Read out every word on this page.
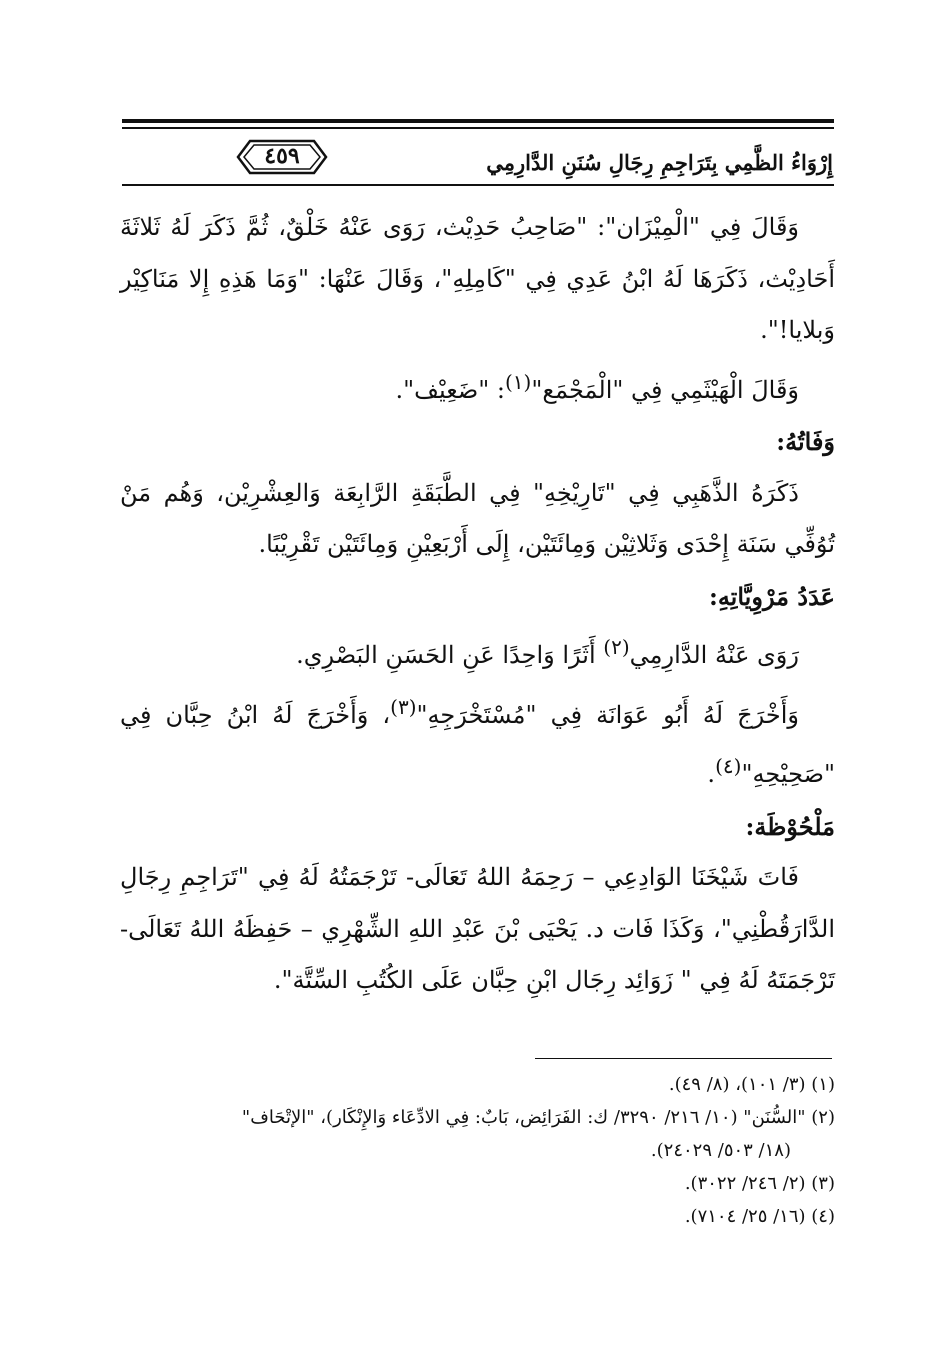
٤٥٩	إِرْوَاءُ الظَّمِي بِتَرَاجِمِ رِجَالِ سُنَنِ الدَّارِمِي

وَقَالَ فِي "الْمِيْزَان": "صَاحِبُ حَدِيْث، رَوَى عَنْهُ خَلْقٌ، ثُمَّ ذَكَرَ لَهُ ثَلاثَةَ أَحَادِيْث، ذَكَرَهَا لَهُ ابْنُ عَدِي فِي "كَامِلِهِ"، وَقَالَ عَنْهَا: "وَمَا هَذِهِ إِلا مَنَاكِيْر وَبلايا!".

وَقَالَ الْهَيْثَمِي فِي "الْمَجْمَع"$^{(١)}$: "ضَعِيْف".

وَفَاتُهُ:

ذَكَرَهُ الذَّهَبِي فِي "تَارِيْخِهِ" فِي الطَّبَقَةِ الرَّابِعَة وَالعِشْرِيْن، وَهُم مَنْ تُوُفِّي سَنَة إِحْدَى وَثَلاثِيْن وَمِائَتَيْن، إِلَى أَرْبَعِيْنِ وَمِائَتَيْن تَقْرِيْبًا.

عَدَدُ مَرْوِيَّاتِهِ:

رَوَى عَنْهُ الدَّارِمِي$^{(٢)}$ أَثَرًا وَاحِدًا عَنِ الحَسَنِ البَصْرِي.

وَأَخْرَجَ لَهُ أَبُو عَوَانَة فِي "مُسْتَخْرَجِهِ"$^{(٣)}$، وَأَخْرَجَ لَهُ ابْنُ حِبَّان فِي "صَحِيْحِهِ"$^{(٤)}$.

مَلْحُوْظَة:

فَاتَ شَيْخَنَا الوَادِعِي – رَحِمَهُ اللهُ تَعَالَى- تَرْجَمَتُهُ لَهُ فِي "تَرَاجِمِ رِجَالِ الدَّارَقُطْنِي"، وَكَذَا فَات د. يَحْيَى بْنَ عَبْدِ اللهِ الشِّهْرِي – حَفِظَهُ اللهُ تَعَالَى- تَرْجَمَتَهُ لَهُ فِي " زَوَائِد رِجَال ابْنِ حِبَّان عَلَى الكُتُبِ السِّتَّة".

(١) (٣/ ١٠١)، (٨/ ٤٩).

(٢) "السُّنَن" (١٠/ ٢١٦/ ٣٢٩٠/ ك: الفَرَائِض، بَابٌ: فِي الادِّعَاء وَالإِنْكَار)، "الإتْحَاف"

(١٨/ ٥٠٣/ ٢٤٠٢٩).

(٣) (٢/ ٢٤٦/ ٣٠٢٢).

(٤) (١٦/ ٢٥/ ٧١٠٤).
